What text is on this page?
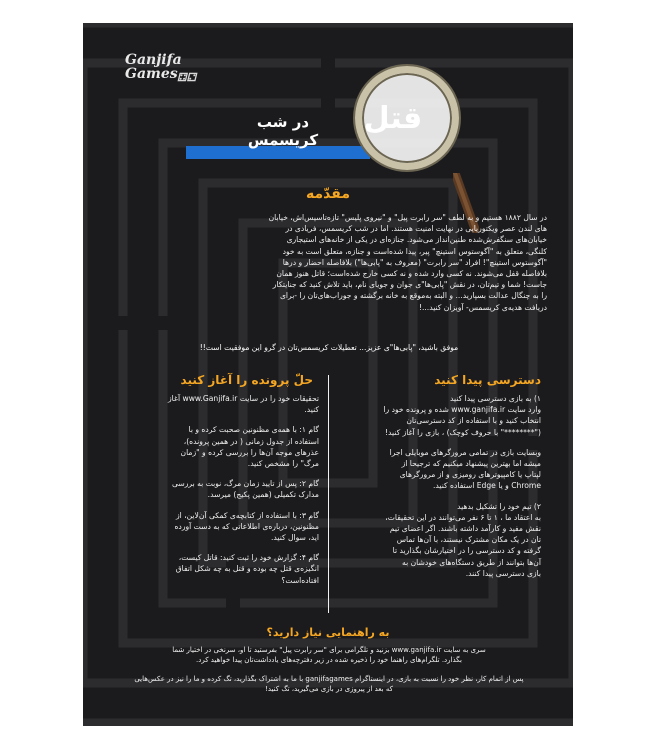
Ganjifa
Games ⚃⚁
در شب کریسمس
قتل
مقدّمه
در سال ۱۸۸۲ هستیم و به لطف "سر رابرت پیل" و "نیروی پلیس" تازه‌تاسیس‌اش، خیابان
های لندن عصر ویکتوریایی در نهایت امنیت هستند. اما در شب کریسمس، فریادی در
خیابان‌های سنگفرش‌شده طنین‌انداز می‌شود. جنازه‌ای در یکی از خانه‌های استیجاری
کلنگی، متعلق به "آگوستوس استینچ" پیر، پیدا شده‌است و جنازه، متعلق است به خود
"آگوستوس استینچ"! افراد "سر رابرت" (معروف به "پابی‌ها") بلافاصله احضار و درها
بلافاصله قفل می‌شوند. نه کسی وارد شده و نه کسی خارج شده‌است؛ قاتل هنوز همان
جاست! شما و تیم‌تان، در نقش "پابی‌ها"ی جوان و جویای نام، باید تلاش کنید که جنایتکار
را به چنگال عدالت بسپارید... و البته به‌موقع به خانه برگشته و جوراب‌های‌تان را -برای
دریافت هدیه‌ی کریسمس- آویزان کنید...!
موفق باشید، "پابی‌ها"ی عزیز... تعطیلات کریسمس‌تان در گرو این موفقیت است!!
دسترسی پیدا کنید
حلّ پرونده را آغاز کنید
۱) به بازی دسترسی پیدا کنید
وارد سایت www.ganjifa.ir شده و پرونده خود را
انتخاب کنید و با استفاده از کد دسترسی‌تان
("********" با حروف کوچک) ، بازی را آغاز کنید!
وبسایت بازی در تمامی مرورگرهای موبایلی اجرا
میشه اما بهترین پیشنهاد میکنیم که ترجیحا از
لپتاپ یا کامپیوترهای رومیزی و از مرورگرهای
Chrome و یا Edge استفاده کنید.
۲) تیم خود را تشکیل بدهید
به اعتقاد ما ، ۱ تا ۶ نفر می‌توانند در این تحقیقات،
نقش مفید و کارآمد داشته باشند. اگر اعضای تیم
تان در یک مکان مشترک نیستند، با آن‌ها تماس
گرفته و کد دسترسی را در اختیارشان بگذارید تا
آن‌ها بتوانند از طریق دستگاه‌های خودشان به
بازی دسترسی پیدا کنند.
تحقیقات خود را در سایت www.Ganjifa.ir آغاز
کنید.
گام ۱: با همه‌ی مظنونین صحبت کرده و با
استفاده از جدول زمانی ( در همین پرونده)،
عذرهای موجه آن‌ها را بررسی کرده و "زمان
مرگ" را مشخص کنید.
گام ۲: پس از تایید زمان مرگ، نوبت به بررسی
مدارک تکمیلی (همین پکیج) میرسد.
گام ۳: با استفاده از کتابچه‌ی کمکی آن‌لاین، از
مظنونین، درباره‌ی اطلاعاتی که به دست آورده
اید، سوال کنید.
گام ۴: گزارش خود را ثبت کنید: قاتل کیست،
انگیزه‌ی قتل چه بوده و قتل به چه شکل اتفاق
افتاده‌است؟
به راهنمایی نیاز دارید؟
سری به سایت www.ganjifa.ir بزنید و تلگرامی برای "سر رابرت پیل" بفرستید تا او، سرنخی در اختیار شما
بگذارد. تلگرام‌های راهنما خود را ذخیره شده در زیر دفترچه‌های یادداشت‌تان پیدا خواهید کرد.
پس از اتمام کار، نظر خود را نسبت به بازی، در اینستاگرام ganjifagames با ما به اشتراک بگذارید، تگ کرده و ما را نیز در عکس‌هایی
که بعد از پیروزی در بازی می‌گیرید، تگ کنید!
